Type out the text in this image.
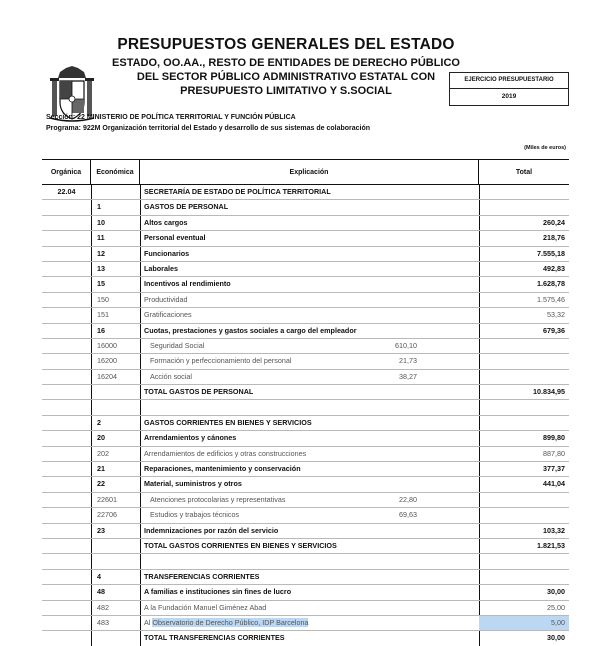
PRESUPUESTOS GENERALES DEL ESTADO
ESTADO, OO.AA., RESTO DE ENTIDADES DE DERECHO PÚBLICO
DEL SECTOR PÚBLICO ADMINISTRATIVO ESTATAL CON
PRESUPUESTO LIMITATIVO Y S.SOCIAL
EJERCICIO PRESUPUESTARIO
2019
Sección: 22 MINISTERIO DE POLÍTICA TERRITORIAL Y FUNCIÓN PÚBLICA
Programa: 922M Organización territorial del Estado y desarrollo de sus sistemas de colaboración
(Miles de euros)
Orgánica	Económica	Explicación	Total
22.04	SECRETARÍA DE ESTADO DE POLÍTICA TERRITORIAL
1	GASTOS DE PERSONAL
10	Altos cargos	260,24
11	Personal eventual	218,76
12	Funcionarios	7.555,18
13	Laborales	492,83
15	Incentivos al rendimiento	1.628,78
150	Productividad	1.575,46
151	Gratificaciones	53,32
16	Cuotas, prestaciones y gastos sociales a cargo del empleador	679,36
16000	Seguridad Social	610,10
16200	Formación y perfeccionamiento del personal	21,73
16204	Acción social	38,27
TOTAL GASTOS DE PERSONAL	10.834,95
2	GASTOS CORRIENTES EN BIENES Y SERVICIOS
20	Arrendamientos y cánones	899,80
202	Arrendamientos de edificios y otras construcciones	887,80
21	Reparaciones, mantenimiento y conservación	377,37
22	Material, suministros y otros	441,04
22601	Atenciones protocolarias y representativas	22,80
22706	Estudios y trabajos técnicos	69,63
23	Indemnizaciones por razón del servicio	103,32
TOTAL GASTOS CORRIENTES EN BIENES Y SERVICIOS	1.821,53
4	TRANSFERENCIAS CORRIENTES
48	A familias e instituciones sin fines de lucro	30,00
482	A la Fundación Manuel Giménez Abad	25,00
483	Al Observatorio de Derecho Público, IDP Barcelona	5,00
TOTAL TRANSFERENCIAS CORRIENTES	30,00
